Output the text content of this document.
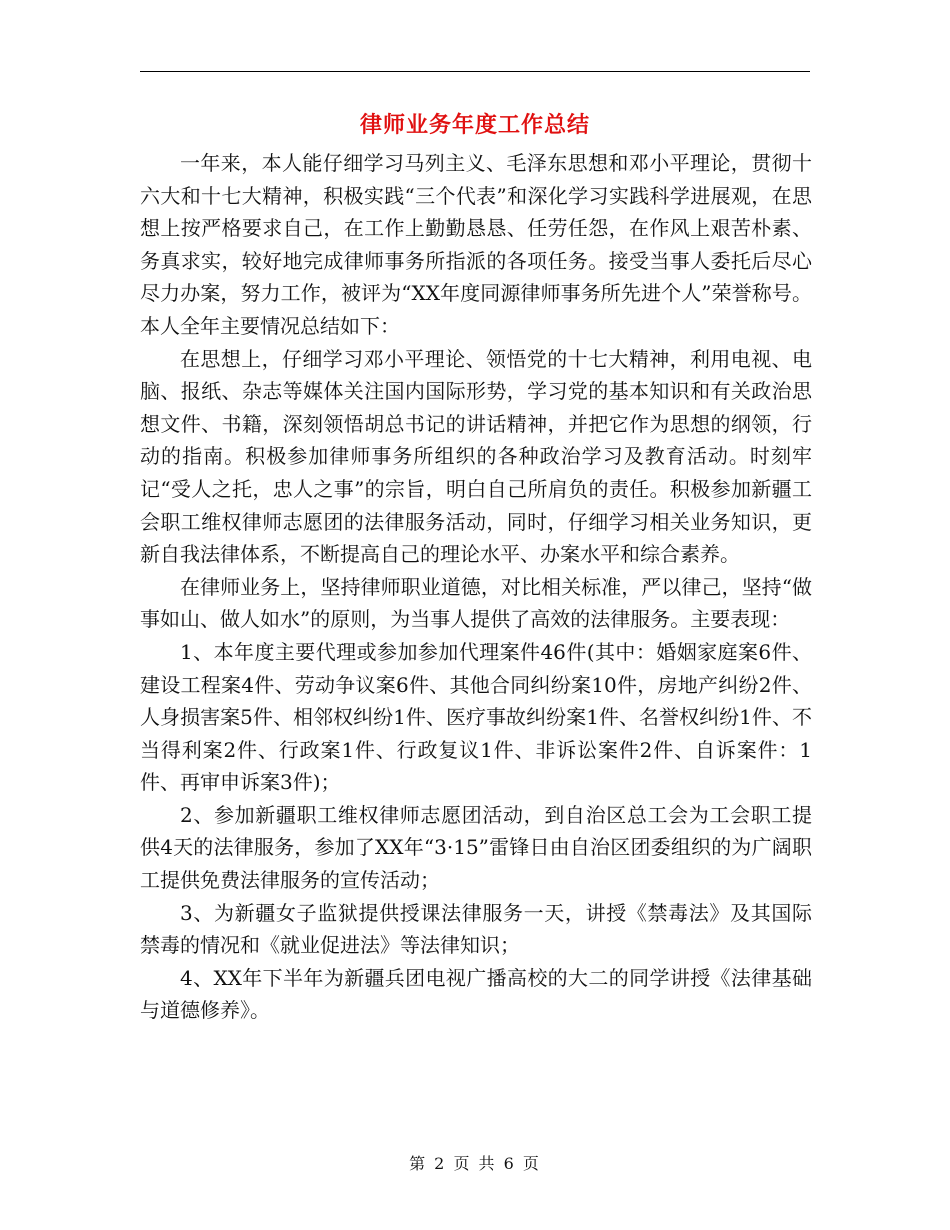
律师业务年度工作总结

一年来，本人能仔细学习马列主义、毛泽东思想和邓小平理论，贯彻十六大和十七大精神，积极实践“三个代表”和深化学习实践科学进展观，在思想上按严格要求自己，在工作上勤勤恳恳、任劳任怨，在作风上艰苦朴素、务真求实，较好地完成律师事务所指派的各项任务。接受当事人委托后尽心尽力办案，努力工作，被评为“XX年度同源律师事务所先进个人”荣誉称号。本人全年主要情况总结如下：

在思想上，仔细学习邓小平理论、领悟党的十七大精神，利用电视、电脑、报纸、杂志等媒体关注国内国际形势，学习党的基本知识和有关政治思想文件、书籍，深刻领悟胡总书记的讲话精神，并把它作为思想的纲领，行动的指南。积极参加律师事务所组织的各种政治学习及教育活动。时刻牢记“受人之托，忠人之事”的宗旨，明白自己所肩负的责任。积极参加新疆工会职工维权律师志愿团的法律服务活动，同时，仔细学习相关业务知识，更新自我法律体系，不断提高自己的理论水平、办案水平和综合素养。

在律师业务上，坚持律师职业道德，对比相关标准，严以律己，坚持“做事如山、做人如水”的原则，为当事人提供了高效的法律服务。主要表现：

1、本年度主要代理或参加参加代理案件46件(其中：婚姻家庭案6件、建设工程案4件、劳动争议案6件、其他合同纠纷案10件，房地产纠纷2件、人身损害案5件、相邻权纠纷1件、医疗事故纠纷案1件、名誉权纠纷1件、不当得利案2件、行政案1件、行政复议1件、非诉讼案件2件、自诉案件：1件、再审申诉案3件)；

2、参加新疆职工维权律师志愿团活动，到自治区总工会为工会职工提供4天的法律服务，参加了XX年“3·15”雷锋日由自治区团委组织的为广阔职工提供免费法律服务的宣传活动；

3、为新疆女子监狱提供授课法律服务一天，讲授《禁毒法》及其国际禁毒的情况和《就业促进法》等法律知识；

4、XX年下半年为新疆兵团电视广播高校的大二的同学讲授《法律基础与道德修养》。

第 2 页 共 6 页
